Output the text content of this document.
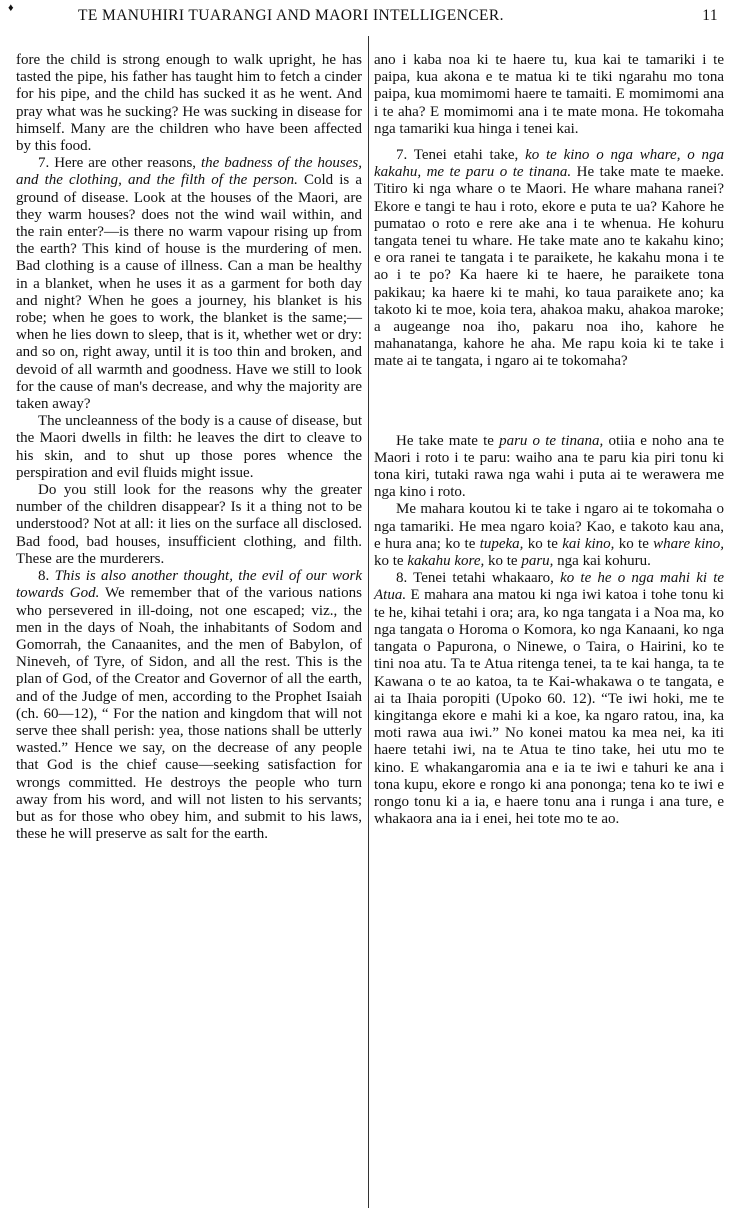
♦	TE MANUHIRI TUARANGI AND MAORI INTELLIGENCER.	11

fore the child is strong enough to walk upright, he has tasted the pipe, his father has taught him to fetch a cinder for his pipe, and the child has sucked it as he went. And pray what was he sucking? He was sucking in disease for himself. Many are the children who have been affected by this food.

7. Here are other reasons, the badness of the houses, and the clothing, and the filth of the person. Cold is a ground of disease. Look at the houses of the Maori, are they warm houses? does not the wind wail within, and the rain enter?—is there no warm vapour rising up from the earth? This kind of house is the murdering of men. Bad clothing is a cause of illness. Can a man be healthy in a blanket, when he uses it as a garment for both day and night? When he goes a journey, his blanket is his robe; when he goes to work, the blanket is the same;—when he lies down to sleep, that is it, whether wet or dry: and so on, right away, until it is too thin and broken, and devoid of all warmth and goodness. Have we still to look for the cause of man's decrease, and why the majority are taken away?

The uncleanness of the body is a cause of disease, but the Maori dwells in filth: he leaves the dirt to cleave to his skin, and to shut up those pores whence the perspiration and evil fluids might issue.

Do you still look for the reasons why the greater number of the children disappear? Is it a thing not to be understood? Not at all: it lies on the surface all disclosed. Bad food, bad houses, insufficient clothing, and filth. These are the murderers.

8. This is also another thought, the evil of our work towards God. We remember that of the various nations who persevered in ill-doing, not one escaped; viz., the men in the days of Noah, the inhabitants of Sodom and Gomorrah, the Canaanites, and the men of Babylon, of Nineveh, of Tyre, of Sidon, and all the rest. This is the plan of God, of the Creator and Governor of all the earth, and of the Judge of men, according to the Prophet Isaiah (ch. 60—12), “ For the nation and kingdom that will not serve thee shall perish: yea, those nations shall be utterly wasted.” Hence we say, on the decrease of any people that God is the chief cause—seeking satisfaction for wrongs committed. He destroys the people who turn away from his word, and will not listen to his servants; but as for those who obey him, and submit to his laws, these he will preserve as salt for the earth.

ano i kaba noa ki te haere tu, kua kai te tamariki i te paipa, kua akona e te matua ki te tiki ngarahu mo tona paipa, kua momimomi haere te tamaiti. E momimomi ana i te aha? E momimomi ana i te mate mona. He tokomaha nga tamariki kua hinga i tenei kai.

7. Tenei etahi take, ko te kino o nga whare, o nga kakahu, me te paru o te tinana. He take mate te maeke. Titiro ki nga whare o te Maori. He whare mahana ranei? Ekore e tangi te hau i roto, ekore e puta te ua? Kahore he pumatao o roto e rere ake ana i te whenua. He kohuru tangata tenei tu whare. He take mate ano te kakahu kino; e ora ranei te tangata i te paraikete, he kakahu mona i te ao i te po? Ka haere ki te haere, he paraikete tona pakikau; ka haere ki te mahi, ko taua paraikete ano; ka takoto ki te moe, koia tera, ahakoa maku, ahakoa maroke; a augeange noa iho, pakaru noa iho, kahore he mahanatanga, kahore he aha. Me rapu koia ki te take i mate ai te tangata, i ngaro ai te tokomaha?

He take mate te paru o te tinana, otiia e noho ana te Maori i roto i te paru: waiho ana te paru kia piri tonu ki tona kiri, tutaki rawa nga wahi i puta ai te werawera me nga kino i roto.

Me mahara koutou ki te take i ngaro ai te tokomaha o nga tamariki. He mea ngaro koia? Kao, e takoto kau ana, e hura ana; ko te tupeka, ko te kai kino, ko te whare kino, ko te kakahu kore, ko te paru, nga kai kohuru.

8. Tenei tetahi whakaaro, ko te he o nga mahi ki te Atua. E mahara ana matou ki nga iwi katoa i tohe tonu ki te he, kihai tetahi i ora; ara, ko nga tangata i a Noa ma, ko nga tangata o Horoma o Komora, ko nga Kanaani, ko nga tangata o Papurona, o Ninewe, o Taira, o Hairini, ko te tini noa atu. Ta te Atua ritenga tenei, ta te kai hanga, ta te Kawana o te ao katoa, ta te Kai-whakawa o te tangata, e ai ta Ihaia poropiti (Upoko 60. 12). “Te iwi hoki, me te kingitanga ekore e mahi ki a koe, ka ngaro ratou, ina, ka moti rawa aua iwi.” No konei matou ka mea nei, ka iti haere tetahi iwi, na te Atua te tino take, hei utu mo te kino. E whakangaromia ana e ia te iwi e tahuri ke ana i tona kupu, ekore e rongo ki ana pononga; tena ko te iwi e rongo tonu ki a ia, e haere tonu ana i runga i ana ture, e whakaora ana ia i enei, hei tote mo te ao.
